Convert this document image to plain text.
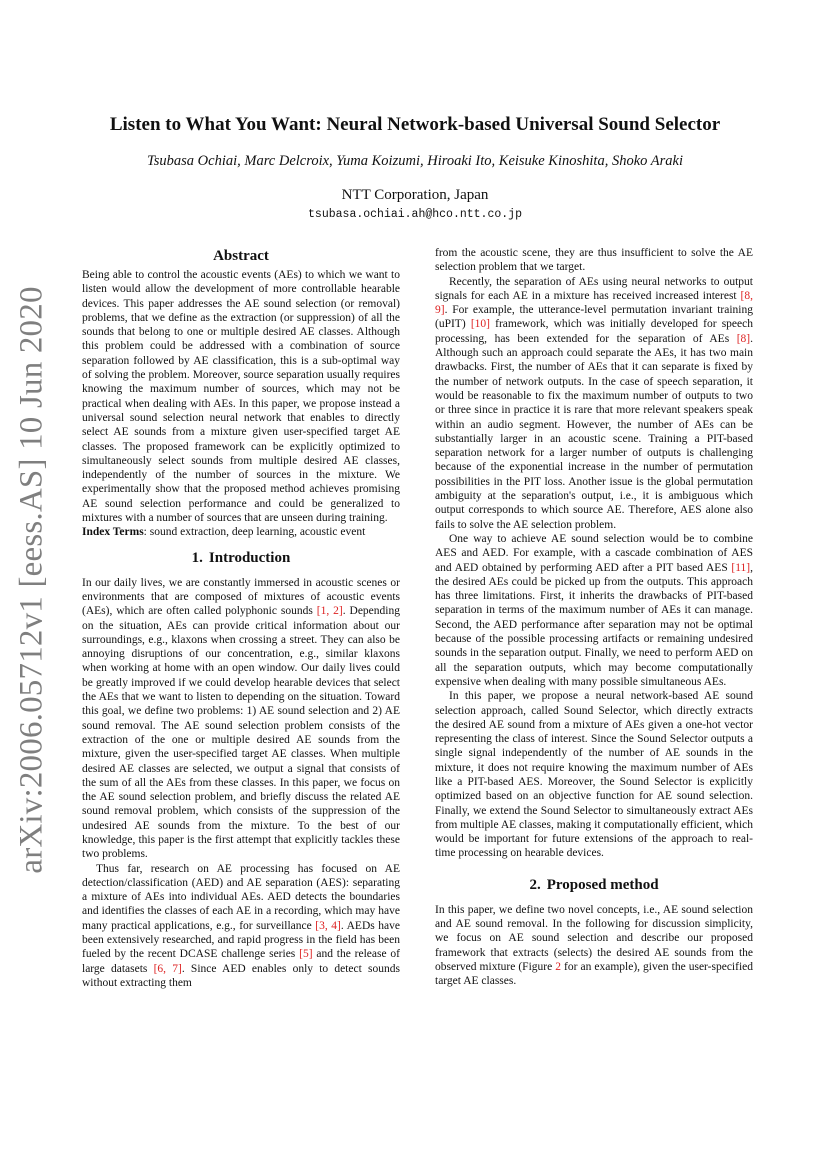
arXiv:2006.05712v1 [eess.AS] 10 Jun 2020
Listen to What You Want: Neural Network-based Universal Sound Selector
Tsubasa Ochiai, Marc Delcroix, Yuma Koizumi, Hiroaki Ito, Keisuke Kinoshita, Shoko Araki
NTT Corporation, Japan
tsubasa.ochiai.ah@hco.ntt.co.jp
Abstract

Being able to control the acoustic events (AEs) to which we want to listen would allow the development of more controllable hearable devices. This paper addresses the AE sound selection (or removal) problems, that we define as the extraction (or suppression) of all the sounds that belong to one or multiple desired AE classes. Although this problem could be addressed with a combination of source separation followed by AE classification, this is a sub-optimal way of solving the problem. Moreover, source separation usually requires knowing the maximum number of sources, which may not be practical when dealing with AEs. In this paper, we propose instead a universal sound selection neural network that enables to directly select AE sounds from a mixture given user-specified target AE classes. The proposed framework can be explicitly optimized to simultaneously select sounds from multiple desired AE classes, independently of the number of sources in the mixture. We experimentally show that the proposed method achieves promising AE sound selection performance and could be generalized to mixtures with a number of sources that are unseen during training.

Index Terms: sound extraction, deep learning, acoustic event

1. Introduction

In our daily lives, we are constantly immersed in acoustic scenes or environments that are composed of mixtures of acoustic events (AEs), which are often called polyphonic sounds [1, 2]. Depending on the situation, AEs can provide critical information about our surroundings, e.g., klaxons when crossing a street. They can also be annoying disruptions of our concentration, e.g., similar klaxons when working at home with an open window. Our daily lives could be greatly improved if we could develop hearable devices that select the AEs that we want to listen to depending on the situation. Toward this goal, we define two problems: 1) AE sound selection and 2) AE sound removal. The AE sound selection problem consists of the extraction of the one or multiple desired AE sounds from the mixture, given the user-specified target AE classes. When multiple desired AE classes are selected, we output a signal that consists of the sum of all the AEs from these classes. In this paper, we focus on the AE sound selection problem, and briefly discuss the related AE sound removal problem, which consists of the suppression of the undesired AE sounds from the mixture. To the best of our knowledge, this paper is the first attempt that explicitly tackles these two problems.

Thus far, research on AE processing has focused on AE detection/classification (AED) and AE separation (AES): separating a mixture of AEs into individual AEs. AED detects the boundaries and identifies the classes of each AE in a recording, which may have many practical applications, e.g., for surveillance [3, 4]. AEDs have been extensively researched, and rapid progress in the field has been fueled by the recent DCASE challenge series [5] and the release of large datasets [6, 7]. Since AED enables only to detect sounds without extracting them

from the acoustic scene, they are thus insufficient to solve the AE selection problem that we target.

Recently, the separation of AEs using neural networks to output signals for each AE in a mixture has received increased interest [8, 9]. For example, the utterance-level permutation invariant training (uPIT) [10] framework, which was initially developed for speech processing, has been extended for the separation of AEs [8]. Although such an approach could separate the AEs, it has two main drawbacks. First, the number of AEs that it can separate is fixed by the number of network outputs. In the case of speech separation, it would be reasonable to fix the maximum number of outputs to two or three since in practice it is rare that more relevant speakers speak within an audio segment. However, the number of AEs can be substantially larger in an acoustic scene. Training a PIT-based separation network for a larger number of outputs is challenging because of the exponential increase in the number of permutation possibilities in the PIT loss. Another issue is the global permutation ambiguity at the separation's output, i.e., it is ambiguous which output corresponds to which source AE. Therefore, AES alone also fails to solve the AE selection problem.

One way to achieve AE sound selection would be to combine AES and AED. For example, with a cascade combination of AES and AED obtained by performing AED after a PIT based AES [11], the desired AEs could be picked up from the outputs. This approach has three limitations. First, it inherits the drawbacks of PIT-based separation in terms of the maximum number of AEs it can manage. Second, the AED performance after separation may not be optimal because of the possible processing artifacts or remaining undesired sounds in the separation output. Finally, we need to perform AED on all the separation outputs, which may become computationally expensive when dealing with many possible simultaneous AEs.

In this paper, we propose a neural network-based AE sound selection approach, called Sound Selector, which directly extracts the desired AE sound from a mixture of AEs given a one-hot vector representing the class of interest. Since the Sound Selector outputs a single signal independently of the number of AE sounds in the mixture, it does not require knowing the maximum number of AEs like a PIT-based AES. Moreover, the Sound Selector is explicitly optimized based on an objective function for AE sound selection. Finally, we extend the Sound Selector to simultaneously extract AEs from multiple AE classes, making it computationally efficient, which would be important for future extensions of the approach to real-time processing on hearable devices.

2. Proposed method

In this paper, we define two novel concepts, i.e., AE sound selection and AE sound removal. In the following for discussion simplicity, we focus on AE sound selection and describe our proposed framework that extracts (selects) the desired AE sounds from the observed mixture (Figure 2 for an example), given the user-specified target AE classes.
